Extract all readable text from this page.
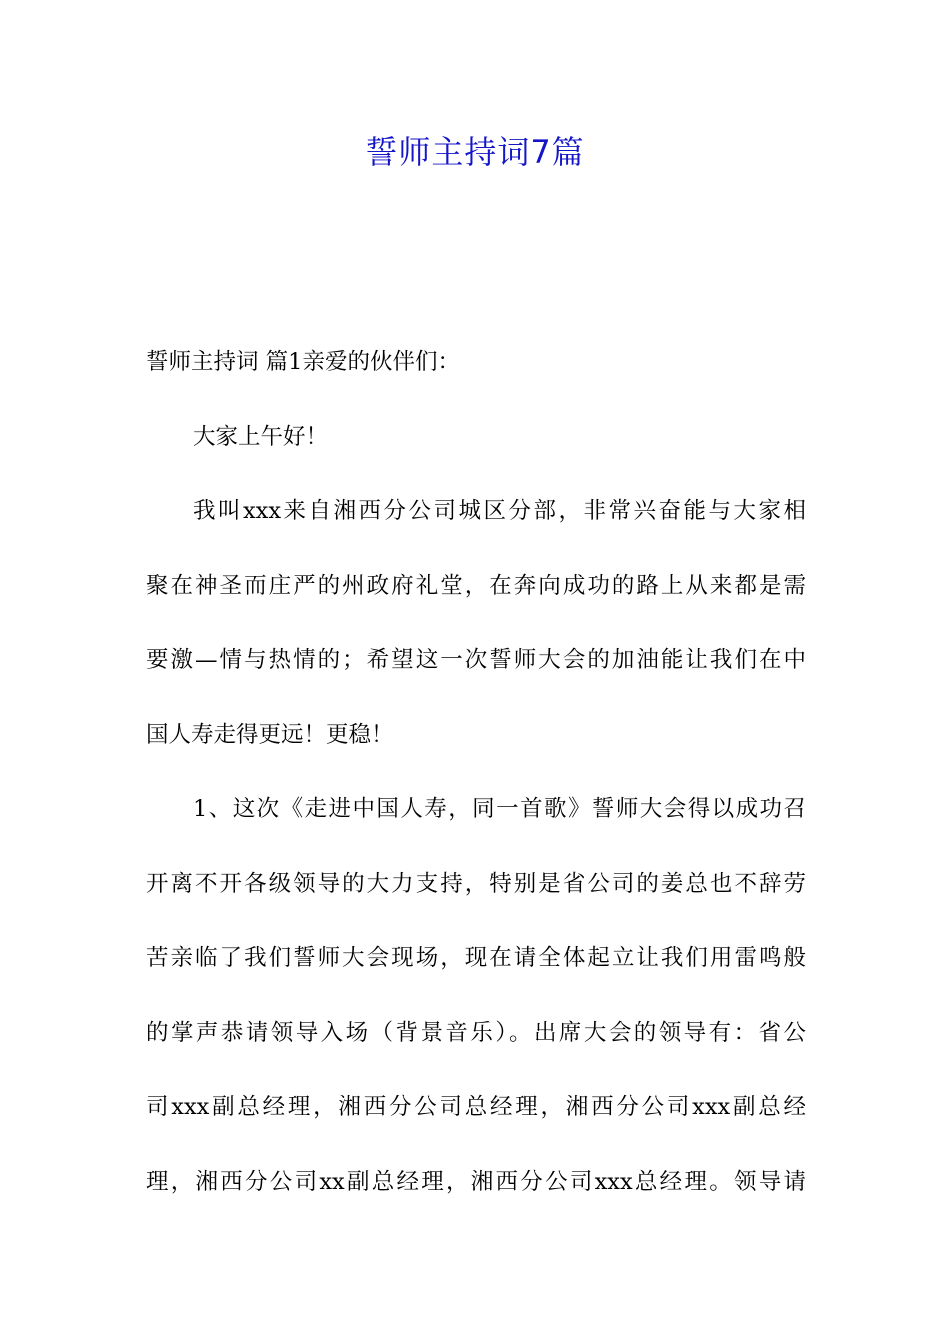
誓师主持词7篇
誓师主持词 篇1亲爱的伙伴们：
大家上午好！
我叫xxx来自湘西分公司城区分部，非常兴奋能与大家相
聚在神圣而庄严的州政府礼堂，在奔向成功的路上从来都是需
要激—情与热情的；希望这一次誓师大会的加油能让我们在中
国人寿走得更远！更稳！
1、这次《走进中国人寿，同一首歌》誓师大会得以成功召
开离不开各级领导的大力支持，特别是省公司的姜总也不辞劳
苦亲临了我们誓师大会现场，现在请全体起立让我们用雷鸣般
的掌声恭请领导入场（背景音乐）。出席大会的领导有：省公
司xxx副总经理，湘西分公司总经理，湘西分公司xxx副总经
理，湘西分公司xx副总经理，湘西分公司xxx总经理。领导请
